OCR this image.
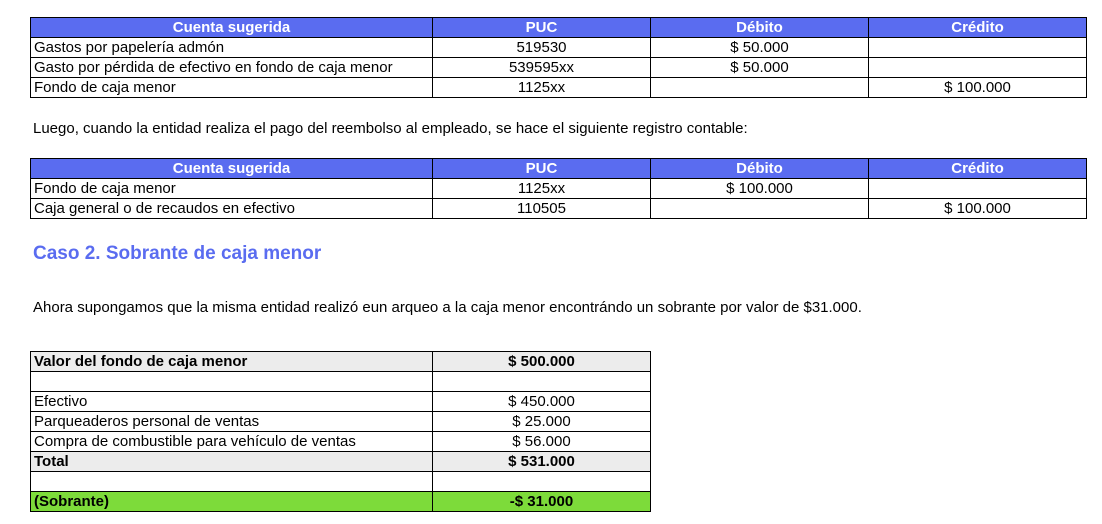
Cuenta sugerida	PUC	Débito	Crédito
Gastos por papelería admón	519530	$ 50.000	
Gasto por pérdida de efectivo en fondo de caja menor	539595xx	$ 50.000	
Fondo de caja menor	1125xx		$ 100.000
Luego, cuando la entidad realiza el pago del reembolso al empleado, se hace el siguiente registro contable:
Cuenta sugerida	PUC	Débito	Crédito
Fondo de caja menor	1125xx	$ 100.000	
Caja general o de recaudos en efectivo	110505		$ 100.000
Caso 2. Sobrante de caja menor
Ahora supongamos que la misma entidad realizó eun arqueo a la caja menor encontrándo un sobrante por valor de $31.000.
Valor del fondo de caja menor	$ 500.000

Efectivo	$ 450.000
Parqueaderos personal de ventas	$ 25.000
Compra de combustible para vehículo de ventas	$ 56.000
Total	$ 531.000

(Sobrante)	-$ 31.000
